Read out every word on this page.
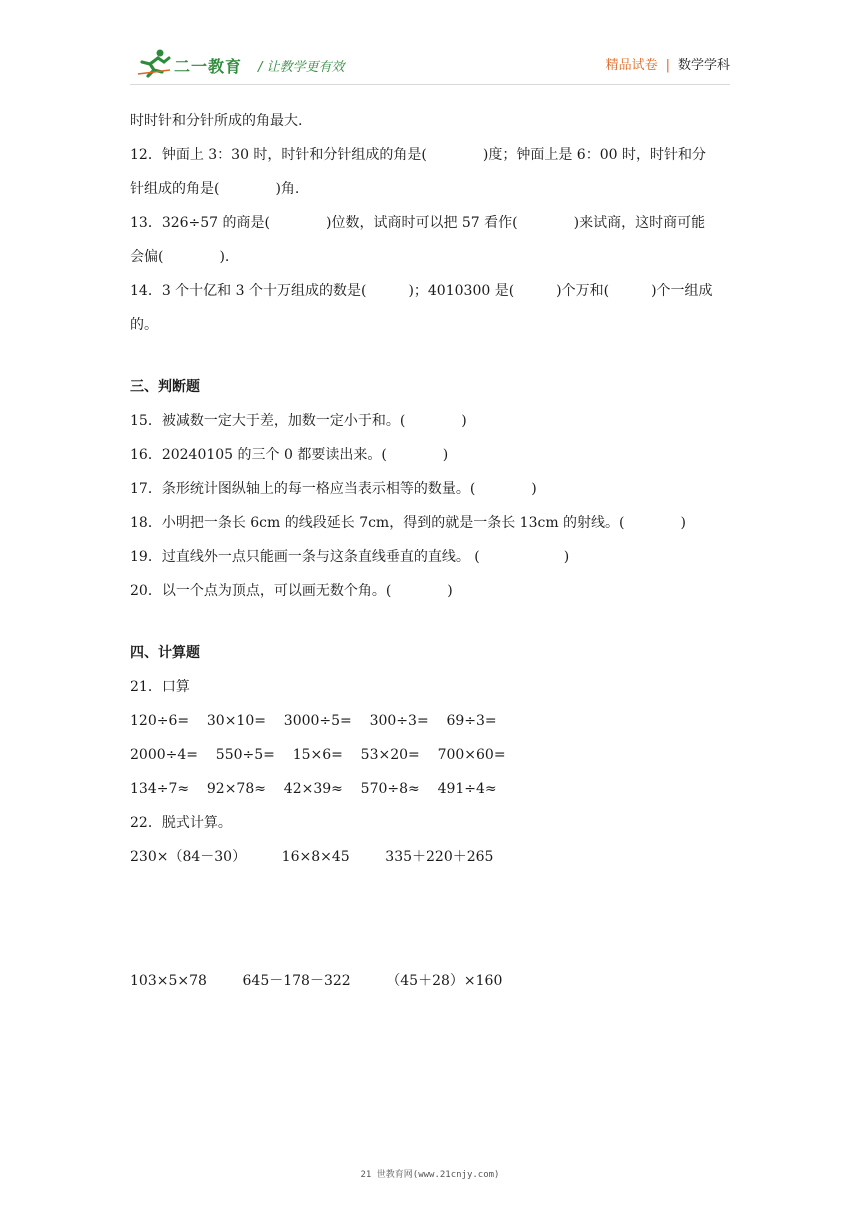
二一教育 / 让教学更有效	精品试卷 | 数学学科

时时针和分针所成的角最大.

12．钟面上 3：30 时，时针和分针组成的角是(　　　　)度；钟面上是 6：00 时，时针和分

针组成的角是(　　　　)角.

13．326÷57 的商是(　　　　)位数，试商时可以把 57 看作(　　　　)来试商，这时商可能

会偏(　　　　).

14．3 个十亿和 3 个十万组成的数是(　　　)；4010300 是(　　　)个万和(　　　)个一组成

的。

三、判断题

15．被减数一定大于差，加数一定小于和。(　　　　)

16．20240105 的三个 0 都要读出来。(　　　　)

17．条形统计图纵轴上的每一格应当表示相等的数量。(　　　　)

18．小明把一条长 6cm 的线段延长 7cm，得到的就是一条长 13cm 的射线。(　　　　)

19．过直线外一点只能画一条与这条直线垂直的直线。 (　　　　　　)

20．以一个点为顶点，可以画无数个角。(　　　　)

四、计算题

21．口算

120÷6=    30×10=    3000÷5=    300÷3=    69÷3=

2000÷4=    550÷5=    15×6=    53×20=    700×60=

134÷7≈    92×78≈    42×39≈    570÷8≈    491÷4≈

22．脱式计算。

230×（84－30）        16×8×45        335＋220＋265

103×5×78        645－178－322        （45＋28）×160

21 世教育网(www.21cnjy.com)
